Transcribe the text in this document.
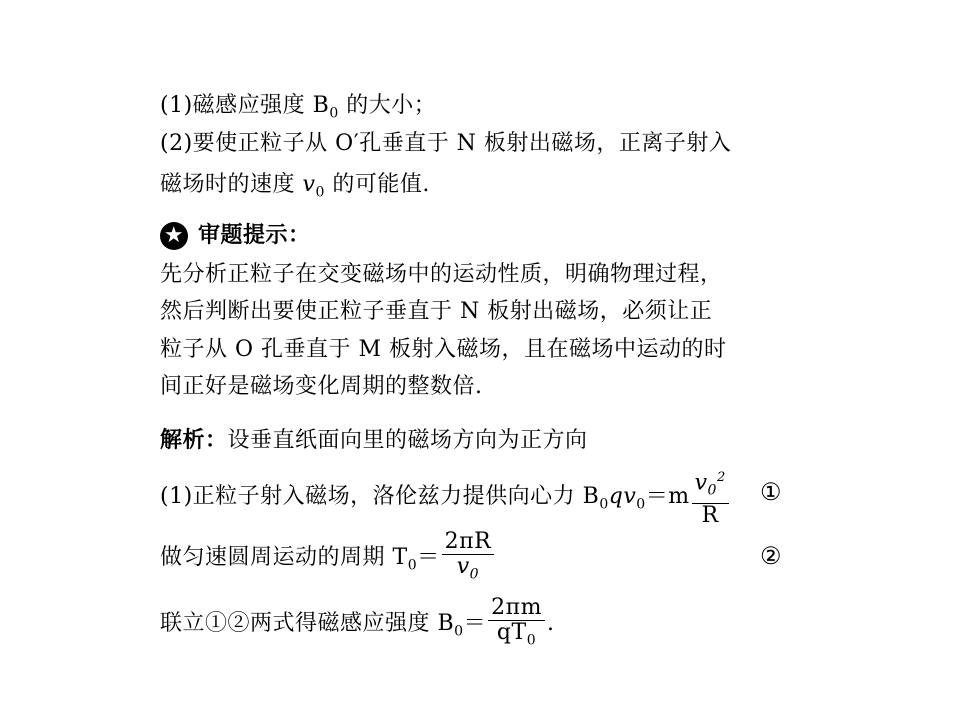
(1)磁感应强度 $B_0$ 的大小；
(2)要使正粒子从 O′孔垂直于 N 板射出磁场，正离子射入
磁场时的速度 $v_0$ 的可能值.
★ 审题提示：
先分析正粒子在交变磁场中的运动性质，明确物理过程，
然后判断出要使正粒子垂直于 N 板射出磁场，必须让正
粒子从 O 孔垂直于 M 板射入磁场，且在磁场中运动的时
间正好是磁场变化周期的整数倍.
解析：设垂直纸面向里的磁场方向为正方向
(1)正粒子射入磁场，洛伦兹力提供向心力 $B_0qv_0=m \frac{v_0^2}{R}$ ①
做匀速圆周运动的周期 $T_0= \frac{2\pi R}{v_0}$	②
联立①②两式得磁感应强度 $B_0= \frac{2\pi m}{qT_0}$ .
